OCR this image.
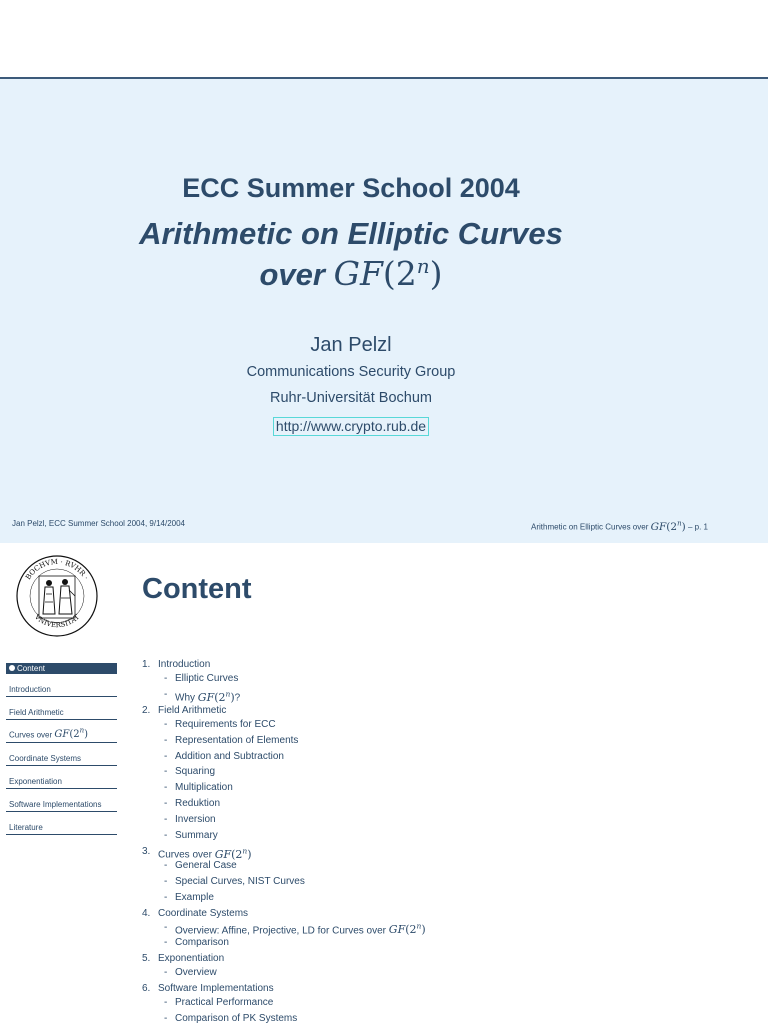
ECC Summer School 2004
Arithmetic on Elliptic Curves
over GF(2$^n$)
Jan Pelzl
Communications Security Group
Ruhr-Universität Bochum
http://www.crypto.rub.de
Jan Pelzl, ECC Summer School 2004, 9/14/2004	Arithmetic on Elliptic Curves over GF(2$^n$) – p. 1
BOCHVM · RVHR ·
VNIVERSITAT
Content
Content
Introduction
Field Arithmetic
Curves over GF(2$^n$)
Coordinate Systems
Exponentiation
Software Implementations
Literature
1. Introduction
- Elliptic Curves
- Why GF(2$^n$)?
2. Field Arithmetic
- Requirements for ECC
- Representation of Elements
- Addition and Subtraction
- Squaring
- Multiplication
- Reduktion
- Inversion
- Summary
3. Curves over GF(2$^n$)
- General Case
- Special Curves, NIST Curves
- Example
4. Coordinate Systems
- Overview: Affine, Projective, LD for Curves over GF(2$^n$)
- Comparison
5. Exponentiation
- Overview
6. Software Implementations
- Practical Performance
- Comparison of PK Systems
